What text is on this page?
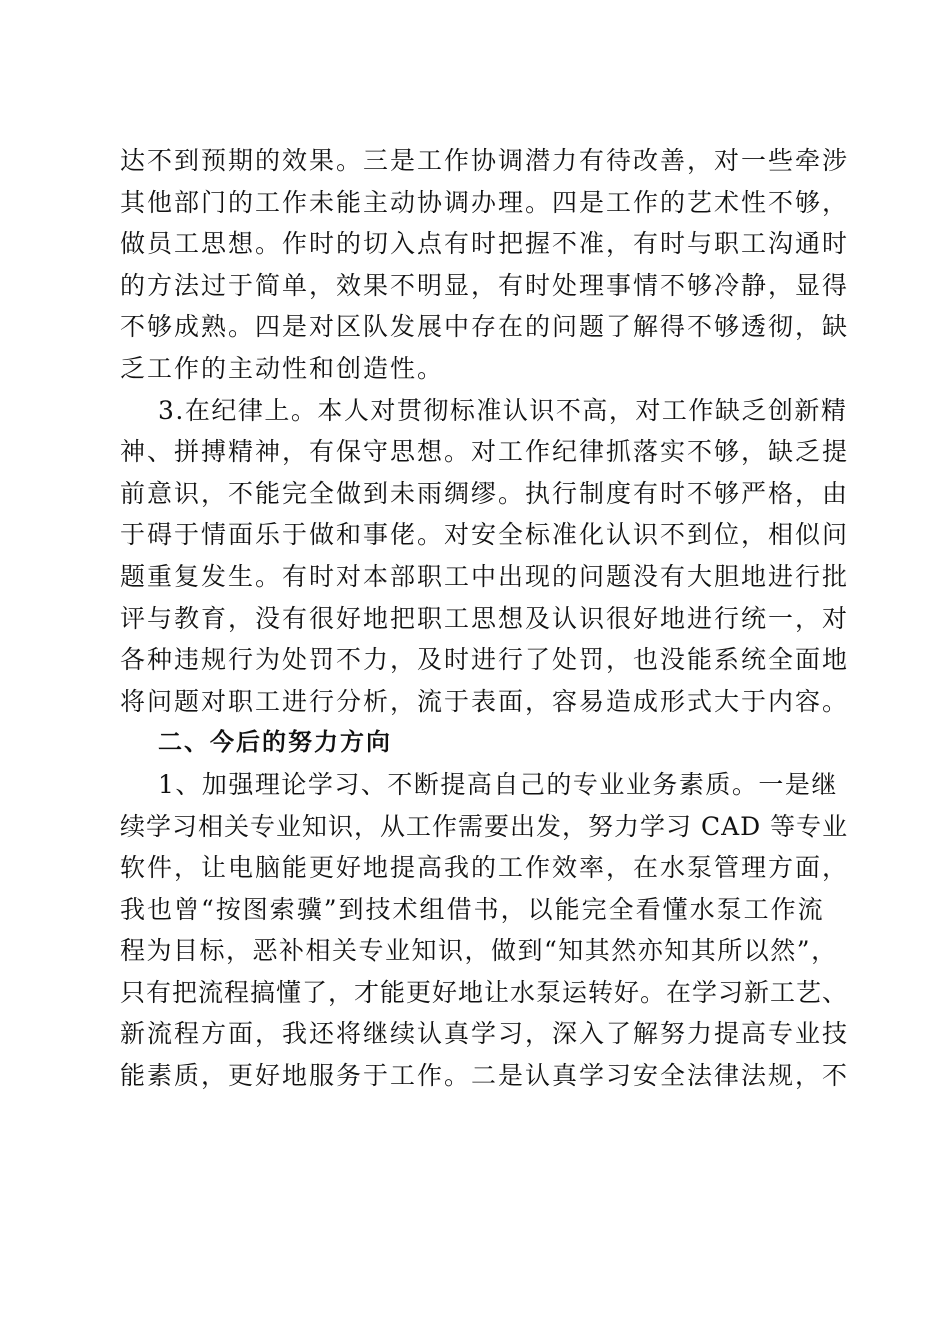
达不到预期的效果。三是工作协调潜力有待改善，对一些牵涉
其他部门的工作未能主动协调办理。四是工作的艺术性不够，
做员工思想。作时的切入点有时把握不准，有时与职工沟通时
的方法过于简单，效果不明显，有时处理事情不够冷静，显得
不够成熟。四是对区队发展中存在的问题了解得不够透彻，缺
乏工作的主动性和创造性。
3.在纪律上。本人对贯彻标准认识不高，对工作缺乏创新精
神、拼搏精神，有保守思想。对工作纪律抓落实不够，缺乏提
前意识，不能完全做到未雨绸缪。执行制度有时不够严格，由
于碍于情面乐于做和事佬。对安全标准化认识不到位，相似问
题重复发生。有时对本部职工中出现的问题没有大胆地进行批
评与教育，没有很好地把职工思想及认识很好地进行统一，对
各种违规行为处罚不力，及时进行了处罚，也没能系统全面地
将问题对职工进行分析，流于表面，容易造成形式大于内容。
二、今后的努力方向
1、加强理论学习、不断提高自己的专业业务素质。一是继
续学习相关专业知识，从工作需要出发，努力学习 CAD 等专业
软件，让电脑能更好地提高我的工作效率，在水泵管理方面，
我也曾“按图索骥”到技术组借书，以能完全看懂水泵工作流
程为目标，恶补相关专业知识，做到“知其然亦知其所以然”，
只有把流程搞懂了，才能更好地让水泵运转好。在学习新工艺、
新流程方面，我还将继续认真学习，深入了解努力提高专业技
能素质，更好地服务于工作。二是认真学习安全法律法规，不
